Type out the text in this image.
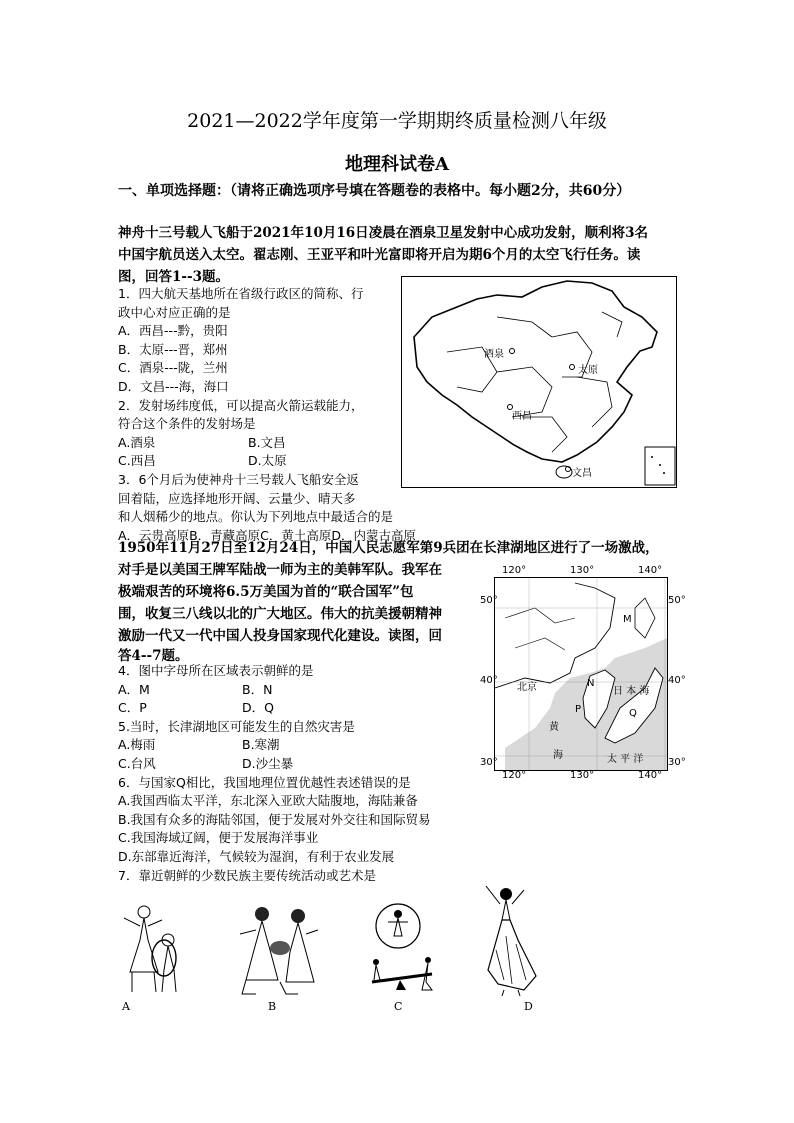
2021—2022学年度第一学期期终质量检测八年级
地理科试卷A
一、单项选择题：（请将正确选项序号填在答题卷的表格中。每小题2分，共60分）
神舟十三号载人飞船于2021年10月16日凌晨在酒泉卫星发射中心成功发射，顺利将3名
中国宇航员送入太空。翟志刚、王亚平和叶光富即将开启为期6个月的太空飞行任务。读
图，回答1--3题。
1．四大航天基地所在省级行政区的简称、行
政中心对应正确的是
A．西昌---黔，贵阳
B．太原---晋，郑州
C．酒泉---陇，兰州
D．文昌---海，海口
2．发射场纬度低，可以提高火箭运载能力，
符合这个条件的发射场是
A.酒泉	B.文昌
C.西昌	D.太原
3．6个月后为使神舟十三号载人飞船安全返
回着陆，应选择地形开阔、云量少、晴天多
和人烟稀少的地点。你认为下列地点中最适合的是
A．云贵高原 B．青藏高原 C．黄土高原 D．内蒙古高原
酒泉
太原
西昌
文昌
1950年11月27日至12月24日，中国人民志愿军第9兵团在长津湖地区进行了一场激战，
对手是以美国王牌军陆战一师为主的美韩军队。我军在
极端艰苦的环境将6.5万美国为首的“联合国军”包
围，收复三八线以北的广大地区。伟大的抗美援朝精神
激励一代又一代中国人投身国家现代化建设。读图，回
答4--7题。
120°	130°	140°
M
N
P	Q
北京	日 本 海
黄
海	太 平 洋
50°
40°
30°
50°
40°
30°
120°	130°	140°
4．图中字母所在区域表示朝鲜的是
A．M	B．N
C．P	D．Q
5.当时，长津湖地区可能发生的自然灾害是
A.梅雨	B.寒潮
C.台风	D.沙尘暴
6．与国家Q相比，我国地理位置优越性表述错误的是
A.我国西临太平洋，东北深入亚欧大陆腹地，海陆兼备
B.我国有众多的海陆邻国，便于发展对外交往和国际贸易
C.我国海域辽阔，便于发展海洋事业
D.东部靠近海洋，气候较为湿润，有利于农业发展
7．靠近朝鲜的少数民族主要传统活动或艺术是
A	B	C	D
